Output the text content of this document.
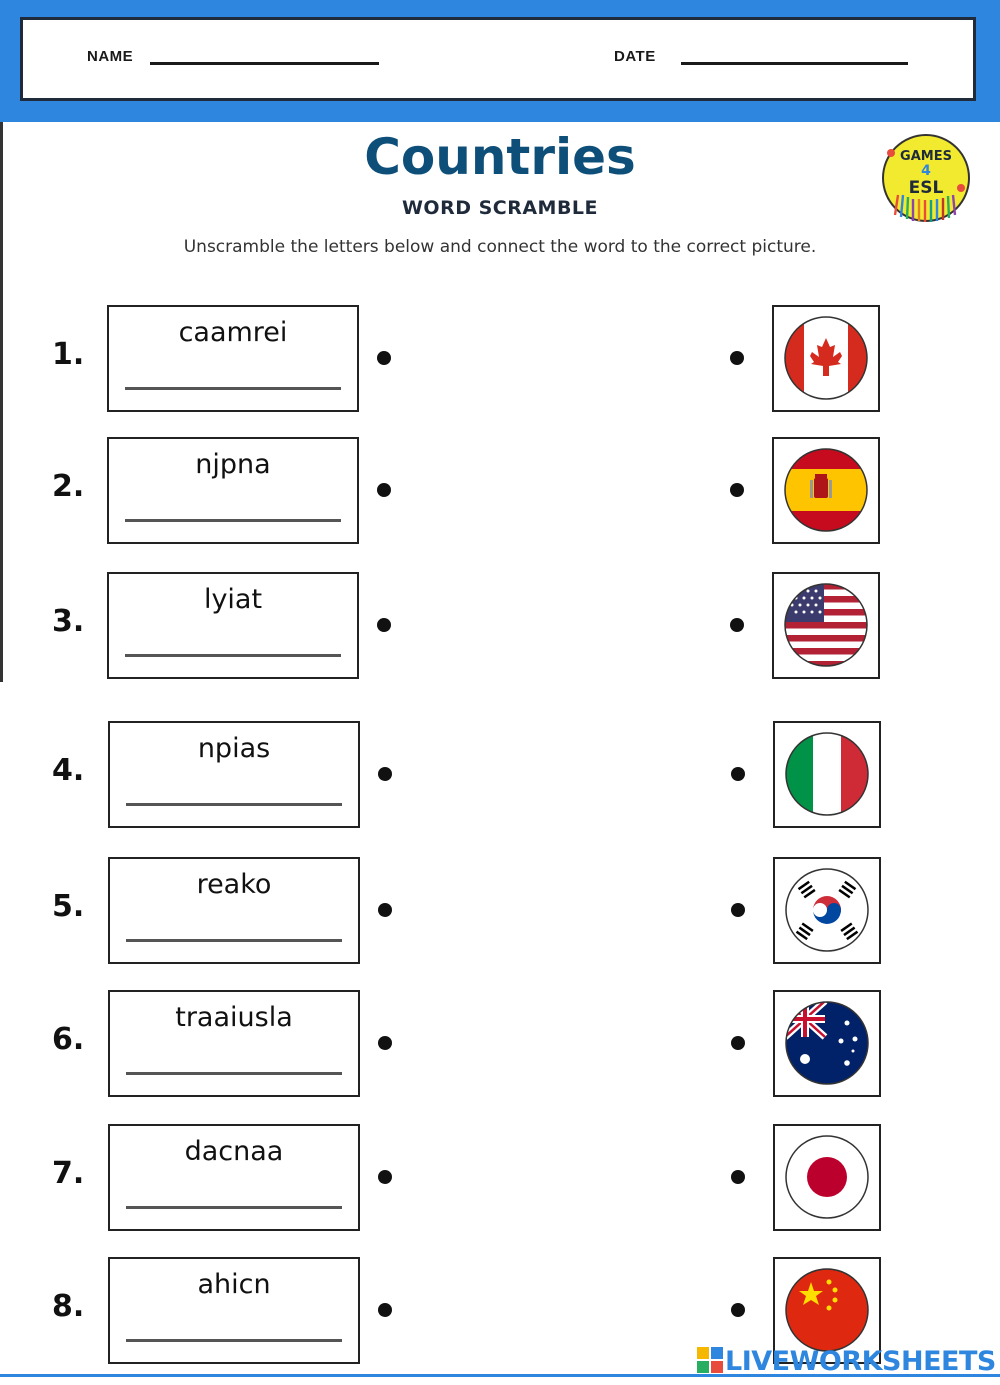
NAME	DATE
Countries
WORD SCRAMBLE
Unscramble the letters below and connect the word to the correct picture.
GAMES
4
ESL
1.
caamrei
2.
njpna
3.
lyiat
4.
npias
5.
reako
6.
traaiusla
7.
dacnaa
8.
ahicn
LIVEWORKSHEETS
